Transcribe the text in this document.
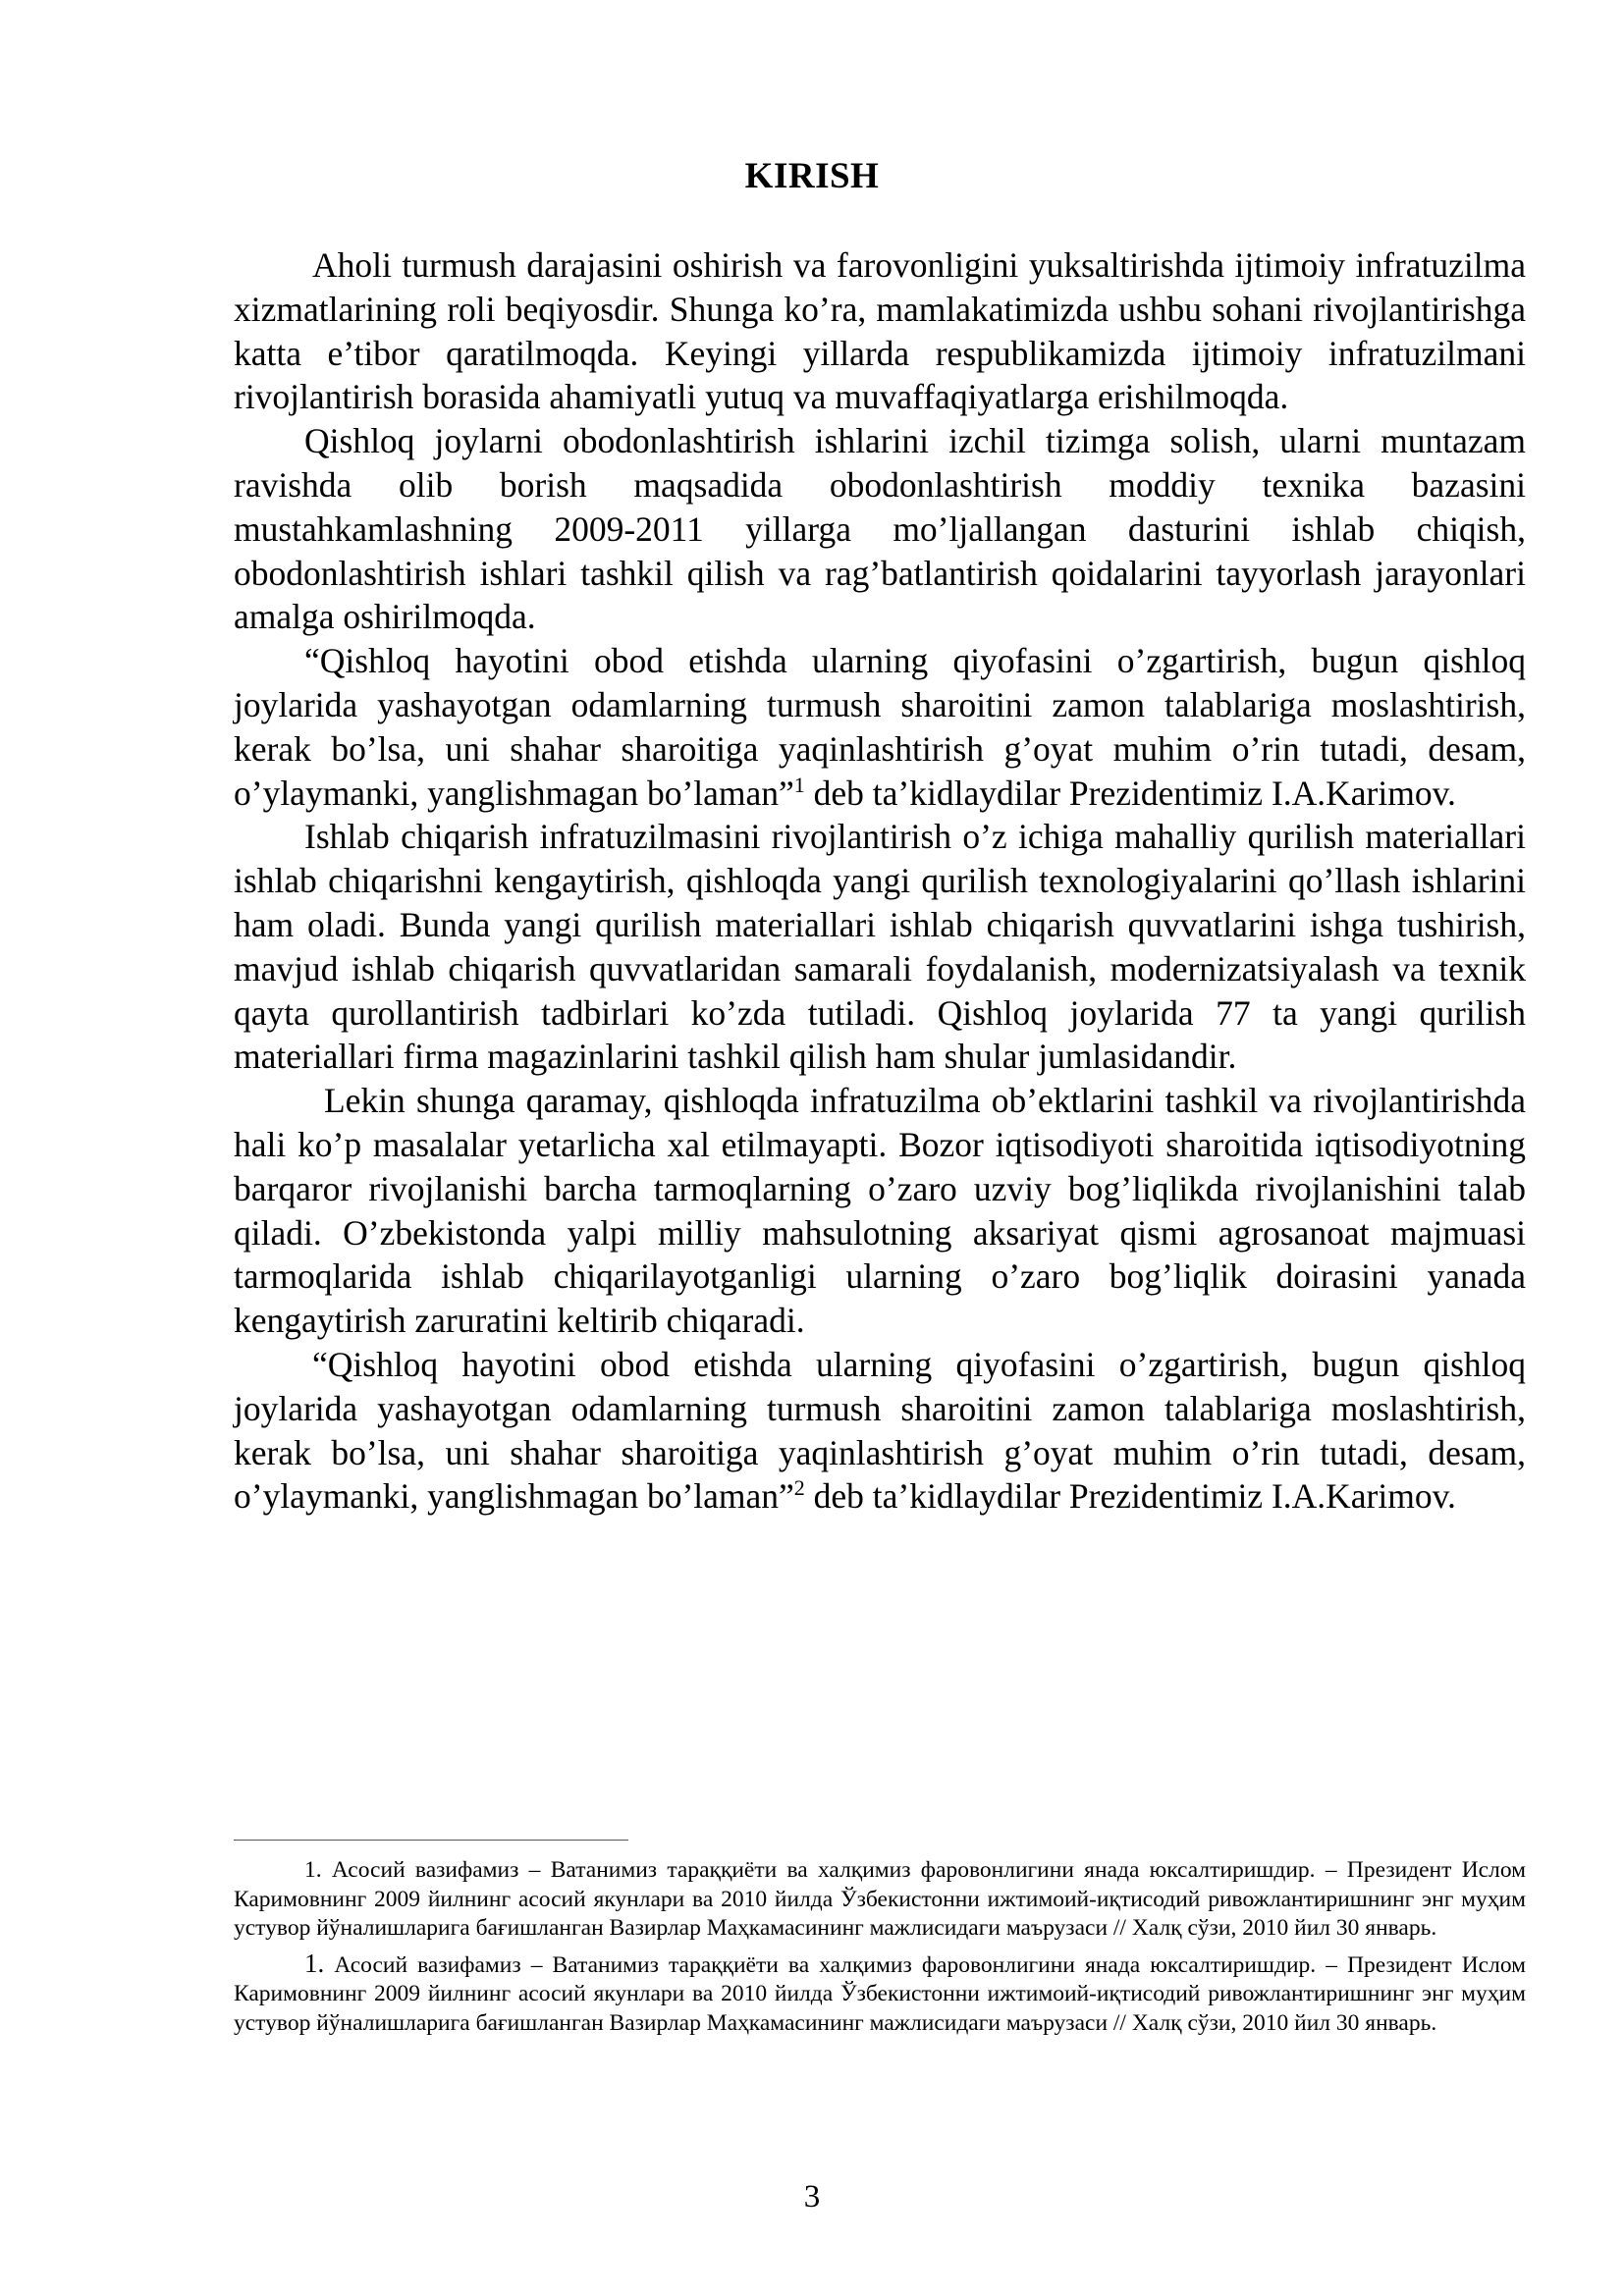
KIRISH

Aholi turmush darajasini oshirish va farovonligini yuksaltirishda ijtimoiy infratuzilma xizmatlarining roli beqiyosdir. Shunga ko’ra, mamlakatimizda ushbu sohani rivojlantirishga katta e’tibor qaratilmoqda. Keyingi yillarda respublikamizda ijtimoiy infratuzilmani rivojlantirish borasida ahamiyatli yutuq va muvaffaqiyatlarga erishilmoqda.

Qishloq joylarni obodonlashtirish ishlarini izchil tizimga solish, ularni muntazam ravishda olib borish maqsadida obodonlashtirish moddiy texnika bazasini mustahkamlashning 2009-2011 yillarga mo’ljallangan dasturini ishlab chiqish, obodonlashtirish ishlari tashkil qilish va rag’batlantirish qoidalarini tayyorlash jarayonlari amalga oshirilmoqda.

“Qishloq hayotini obod etishda ularning qiyofasini o’zgartirish, bugun qishloq joylarida yashayotgan odamlarning turmush sharoitini zamon talablariga moslashtirish, kerak bo’lsa, uni shahar sharoitiga yaqinlashtirish g’oyat muhim o’rin tutadi, desam, o’ylaymanki, yanglishmagan bo’laman”$^1$ deb ta’kidlaydilar Prezidentimiz I.A.Karimov.

Ishlab chiqarish infratuzilmasini rivojlantirish o’z ichiga mahalliy qurilish materiallari ishlab chiqarishni kengaytirish, qishloqda yangi qurilish texnologiyalarini qo’llash ishlarini ham oladi. Bunda yangi qurilish materiallari ishlab chiqarish quvvatlarini ishga tushirish, mavjud ishlab chiqarish quvvatlaridan samarali foydalanish, modernizatsiyalash va texnik qayta qurollantirish tadbirlari ko’zda tutiladi. Qishloq joylarida 77 ta yangi qurilish materiallari firma magazinlarini tashkil qilish ham shular jumlasidandir.

Lekin shunga qaramay, qishloqda infratuzilma ob’ektlarini tashkil va rivojlantirishda hali ko’p masalalar yetarlicha xal etilmayapti. Bozor iqtisodiyoti sharoitida iqtisodiyotning barqaror rivojlanishi barcha tarmoqlarning o’zaro uzviy bog’liqlikda rivojlanishini talab qiladi. O’zbekistonda yalpi milliy mahsulotning aksariyat qismi agrosanoat majmuasi tarmoqlarida ishlab chiqarilayotganligi ularning o’zaro bog’liqlik doirasini yanada kengaytirish zaruratini keltirib chiqaradi.

“Qishloq hayotini obod etishda ularning qiyofasini o’zgartirish, bugun qishloq joylarida yashayotgan odamlarning turmush sharoitini zamon talablariga moslashtirish, kerak bo’lsa, uni shahar sharoitiga yaqinlashtirish g’oyat muhim o’rin tutadi, desam, o’ylaymanki, yanglishmagan bo’laman”$^2$ deb ta’kidlaydilar Prezidentimiz I.A.Karimov.

1. Асосий вазифамиз – Ватанимиз тараққиёти ва халқимиз фаровонлигини янада юксалтиришдир. – Президент Ислом Каримовнинг 2009 йилнинг асосий якунлари ва 2010 йилда Ўзбекистонни ижтимоий-иқтисодий ривожлантиришнинг энг муҳим устувор йўналишларига бағишланган Вазирлар Маҳкамасининг мажлисидаги маърузаси // Халқ сўзи, 2010 йил 30 январь.

1. Асосий вазифамиз – Ватанимиз тараққиёти ва халқимиз фаровонлигини янада юксалтиришдир. – Президент Ислом Каримовнинг 2009 йилнинг асосий якунлари ва 2010 йилда Ўзбекистонни ижтимоий-иқтисодий ривожлантиришнинг энг муҳим устувор йўналишларига бағишланган Вазирлар Маҳкамасининг мажлисидаги маърузаси // Халқ сўзи, 2010 йил 30 январь.

3
